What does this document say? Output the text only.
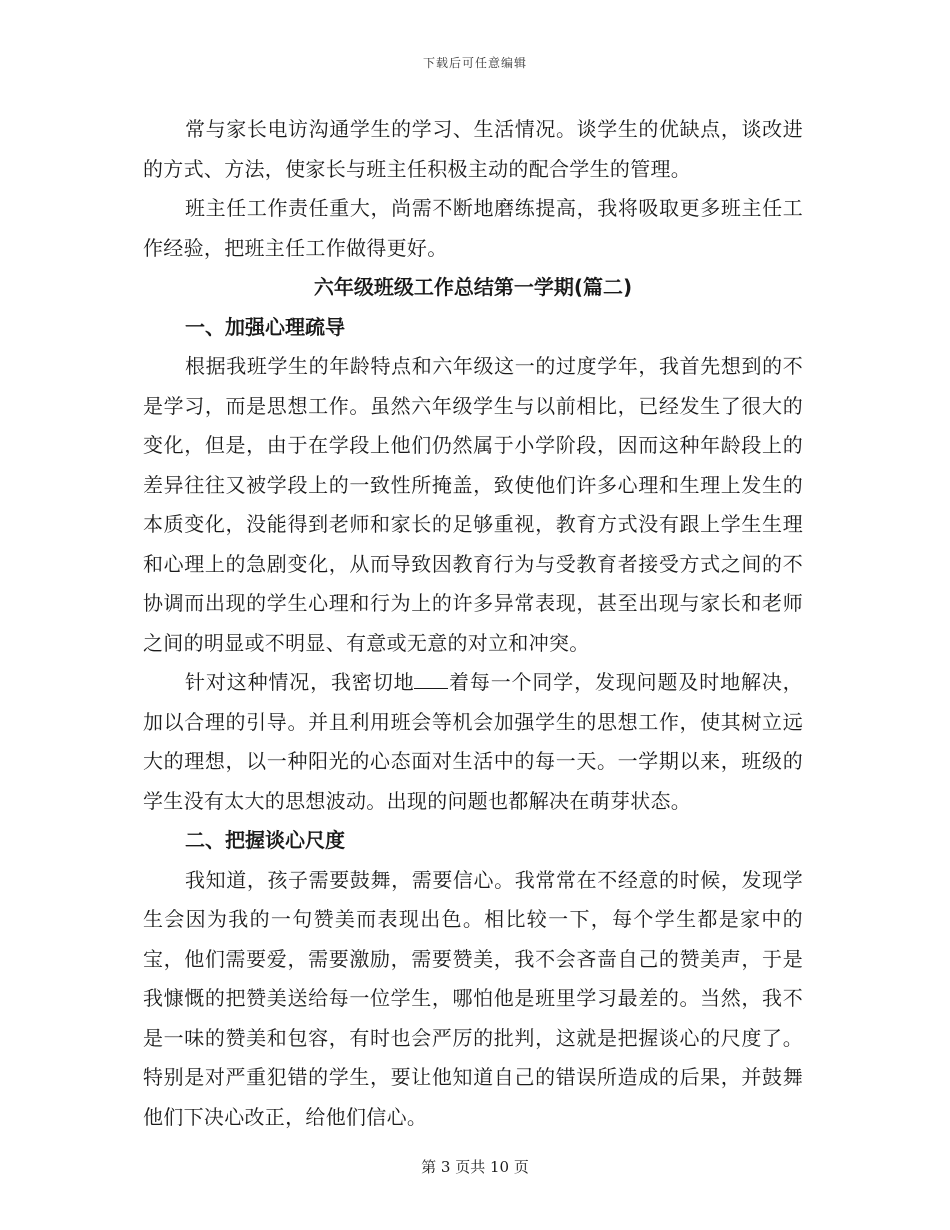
下载后可任意编辑

常与家长电访沟通学生的学习、生活情况。谈学生的优缺点，谈改进的方式、方法，使家长与班主任积极主动的配合学生的管理。

班主任工作责任重大，尚需不断地磨练提高，我将吸取更多班主任工作经验，把班主任工作做得更好。

六年级班级工作总结第一学期(篇二)

一、加强心理疏导

根据我班学生的年龄特点和六年级这一的过度学年，我首先想到的不是学习，而是思想工作。虽然六年级学生与以前相比，已经发生了很大的变化，但是，由于在学段上他们仍然属于小学阶段，因而这种年龄段上的差异往往又被学段上的一致性所掩盖，致使他们许多心理和生理上发生的本质变化，没能得到老师和家长的足够重视，教育方式没有跟上学生生理和心理上的急剧变化，从而导致因教育行为与受教育者接受方式之间的不协调而出现的学生心理和行为上的许多异常表现，甚至出现与家长和老师之间的明显或不明显、有意或无意的对立和冲突。

针对这种情况，我密切地 着每一个同学，发现问题及时地解决，加以合理的引导。并且利用班会等机会加强学生的思想工作，使其树立远大的理想，以一种阳光的心态面对生活中的每一天。一学期以来，班级的学生没有太大的思想波动。出现的问题也都解决在萌芽状态。

二、把握谈心尺度

我知道，孩子需要鼓舞，需要信心。我常常在不经意的时候，发现学生会因为我的一句赞美而表现出色。相比较一下，每个学生都是家中的宝，他们需要爱，需要激励，需要赞美，我不会吝啬自己的赞美声，于是我慷慨的把赞美送给每一位学生，哪怕他是班里学习最差的。当然，我不是一味的赞美和包容，有时也会严厉的批判，这就是把握谈心的尺度了。特别是对严重犯错的学生，要让他知道自己的错误所造成的后果，并鼓舞他们下决心改正，给他们信心。

第 3 页共 10 页
